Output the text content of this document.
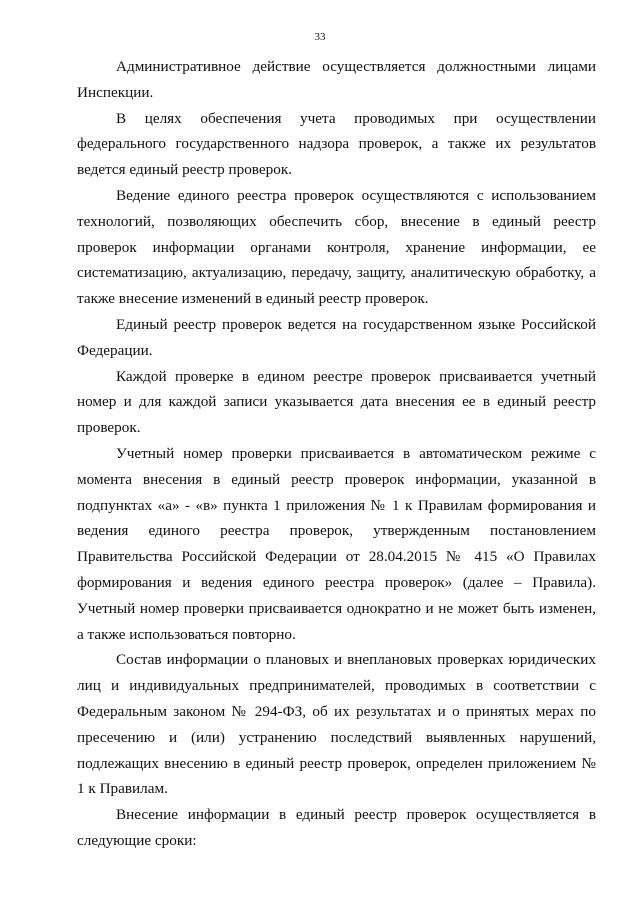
33

Административное действие осуществляется должностными лицами Инспекции.

В целях обеспечения учета проводимых при осуществлении федерального государственного надзора проверок, а также их результатов ведется единый реестр проверок.

Ведение единого реестра проверок осуществляются с использованием технологий, позволяющих обеспечить сбор, внесение в единый реестр проверок информации органами контроля, хранение информации, ее систематизацию, актуализацию, передачу, защиту, аналитическую обработку, а также внесение изменений в единый реестр проверок.

Единый реестр проверок ведется на государственном языке Российской Федерации.

Каждой проверке в едином реестре проверок присваивается учетный номер и для каждой записи указывается дата внесения ее в единый реестр проверок.

Учетный номер проверки присваивается в автоматическом режиме с момента внесения в единый реестр проверок информации, указанной в подпунктах «а» - «в» пункта 1 приложения № 1 к Правилам формирования и ведения единого реестра проверок, утвержденным постановлением Правительства Российской Федерации от 28.04.2015 № 415 «О Правилах формирования и ведения единого реестра проверок» (далее – Правила). Учетный номер проверки присваивается однократно и не может быть изменен, а также использоваться повторно.

Состав информации о плановых и внеплановых проверках юридических лиц и индивидуальных предпринимателей, проводимых в соответствии с Федеральным законом № 294-ФЗ, об их результатах и о принятых мерах по пресечению и (или) устранению последствий выявленных нарушений, подлежащих внесению в единый реестр проверок, определен приложением № 1 к Правилам.

Внесение информации в единый реестр проверок осуществляется в следующие сроки:
